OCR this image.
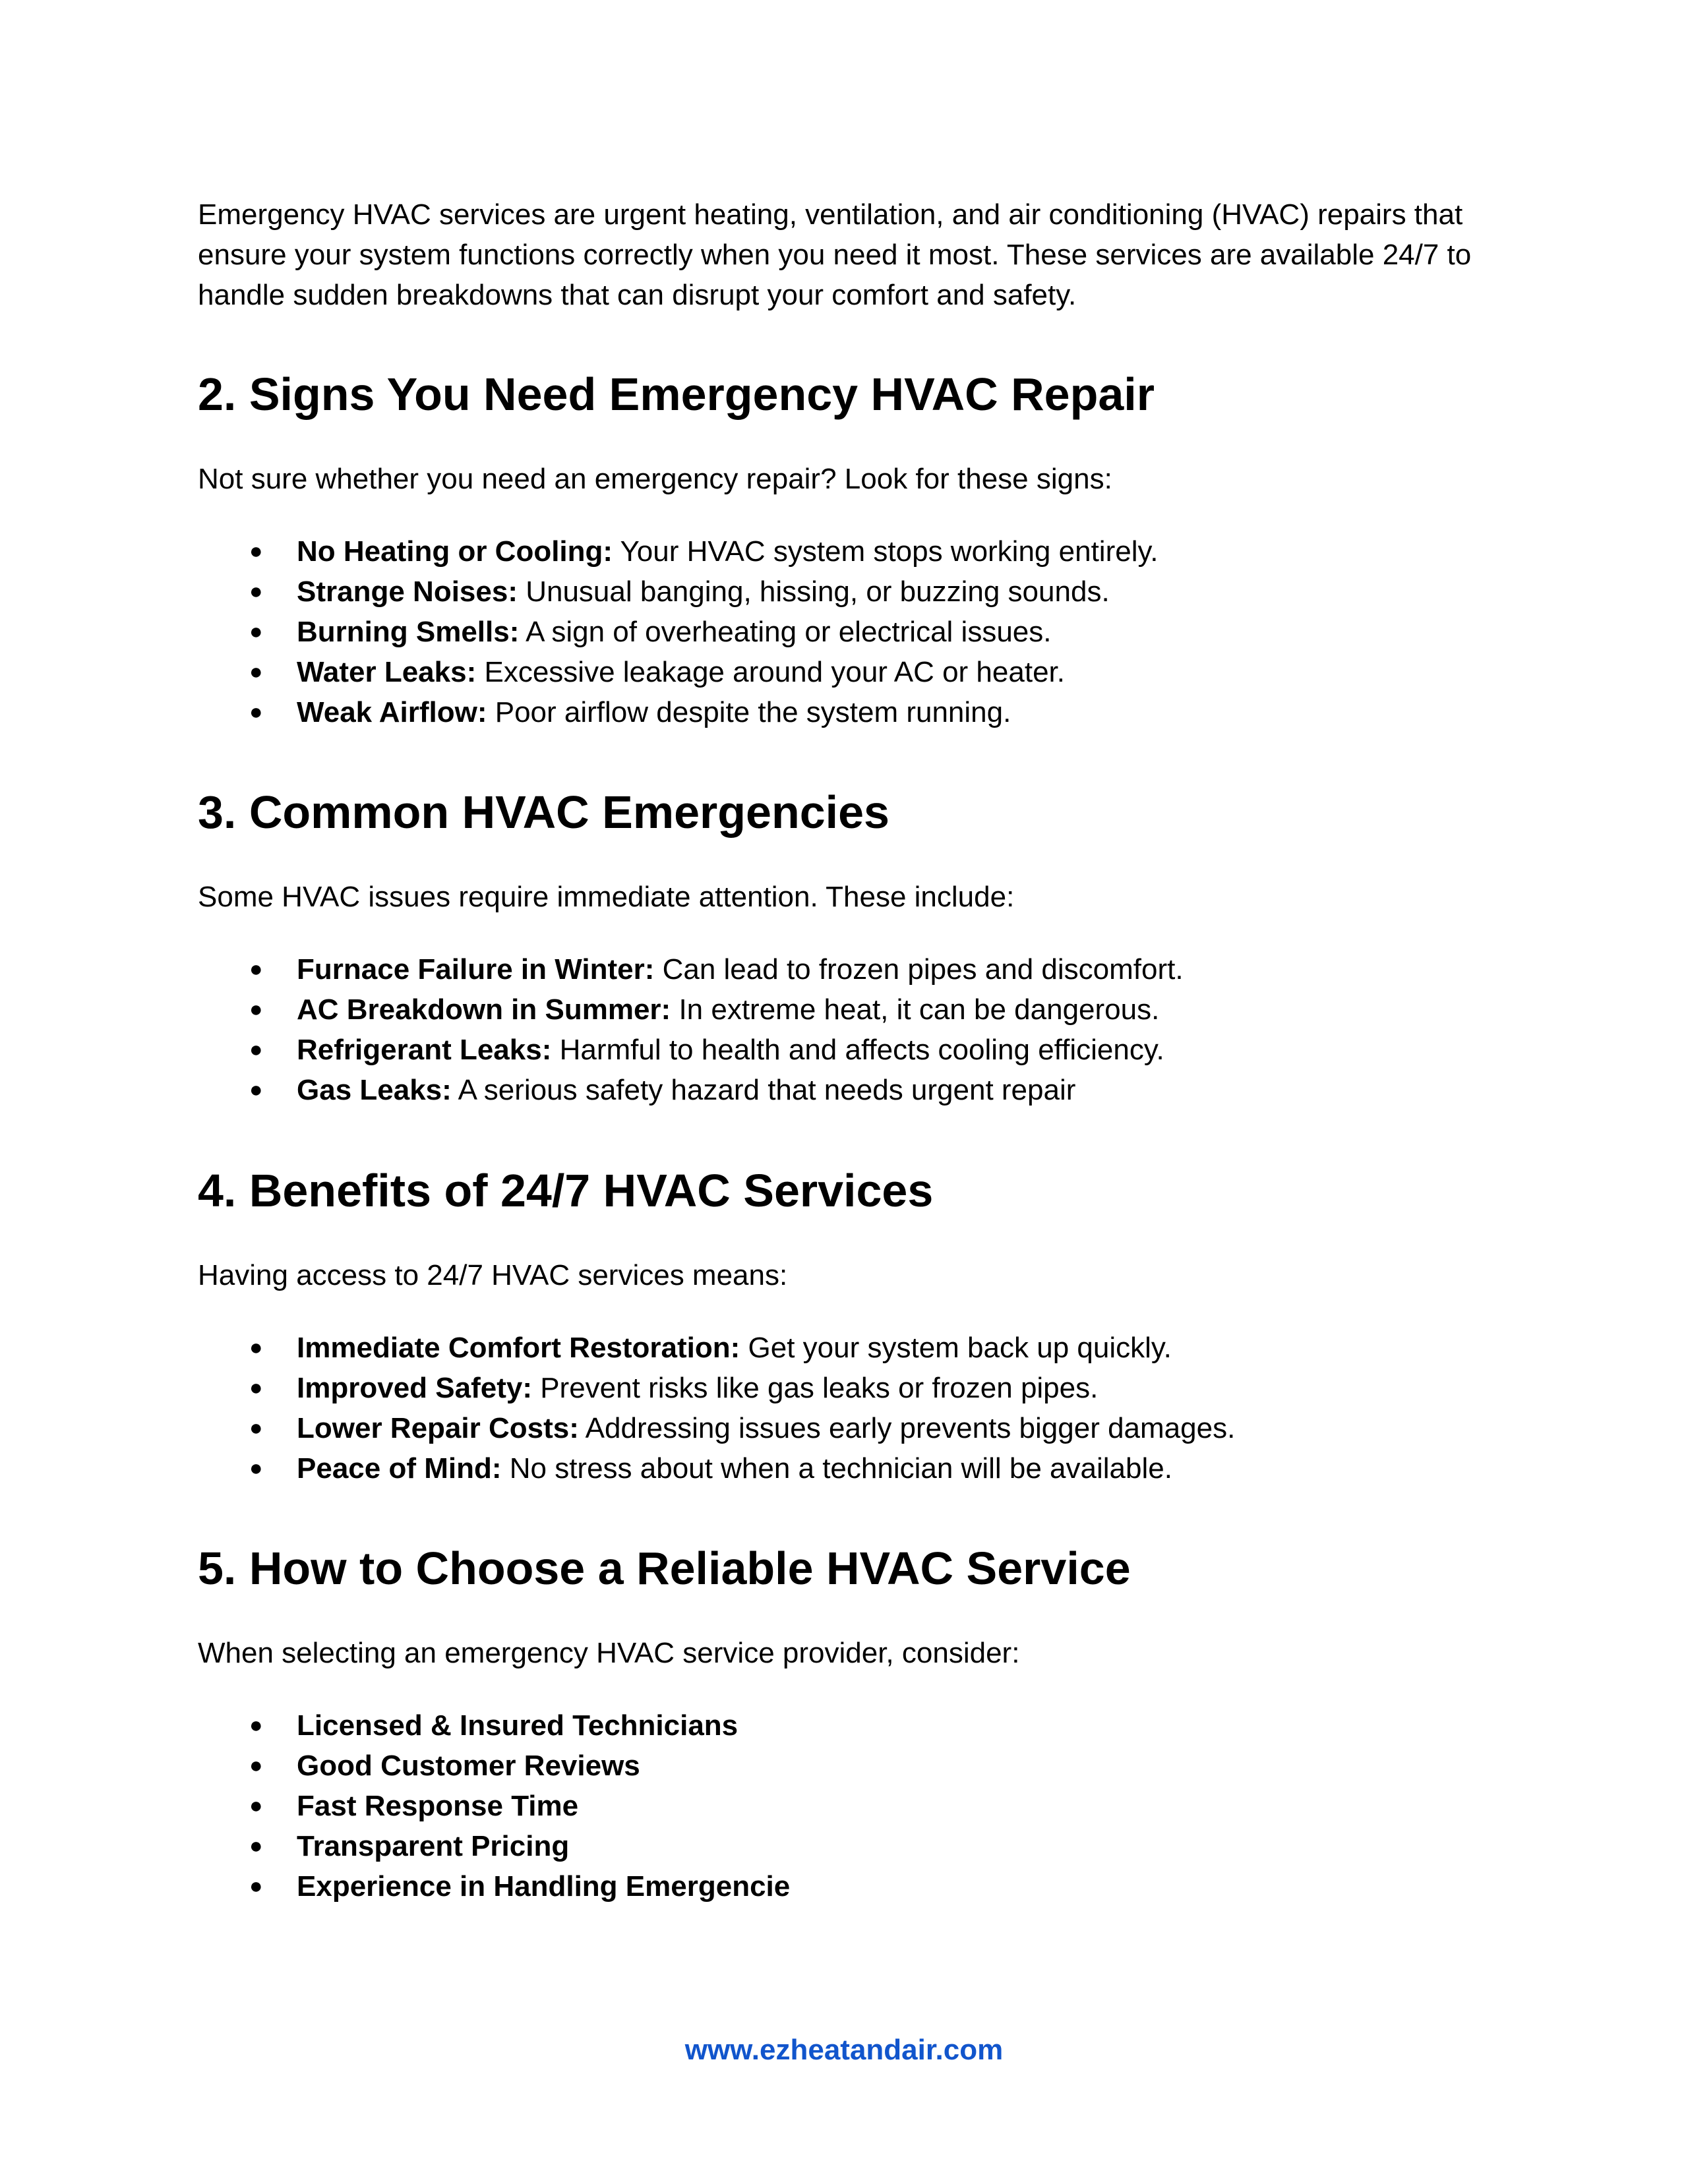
Emergency HVAC services are urgent heating, ventilation, and air conditioning (HVAC) repairs that ensure your system functions correctly when you need it most. These services are available 24/7 to handle sudden breakdowns that can disrupt your comfort and safety.

2. Signs You Need Emergency HVAC Repair

Not sure whether you need an emergency repair? Look for these signs:

● No Heating or Cooling: Your HVAC system stops working entirely.
● Strange Noises: Unusual banging, hissing, or buzzing sounds.
● Burning Smells: A sign of overheating or electrical issues.
● Water Leaks: Excessive leakage around your AC or heater.
● Weak Airflow: Poor airflow despite the system running.
3. Common HVAC Emergencies

Some HVAC issues require immediate attention. These include:

● Furnace Failure in Winter: Can lead to frozen pipes and discomfort.
● AC Breakdown in Summer: In extreme heat, it can be dangerous.
● Refrigerant Leaks: Harmful to health and affects cooling efficiency.
● Gas Leaks: A serious safety hazard that needs urgent repair
4. Benefits of 24/7 HVAC Services

Having access to 24/7 HVAC services means:

● Immediate Comfort Restoration: Get your system back up quickly.
● Improved Safety: Prevent risks like gas leaks or frozen pipes.
● Lower Repair Costs: Addressing issues early prevents bigger damages.
● Peace of Mind: No stress about when a technician will be available.
5. How to Choose a Reliable HVAC Service

When selecting an emergency HVAC service provider, consider:

● Licensed & Insured Technicians
● Good Customer Reviews
● Fast Response Time
● Transparent Pricing
● Experience in Handling Emergencie
www.ezheatandair.com
